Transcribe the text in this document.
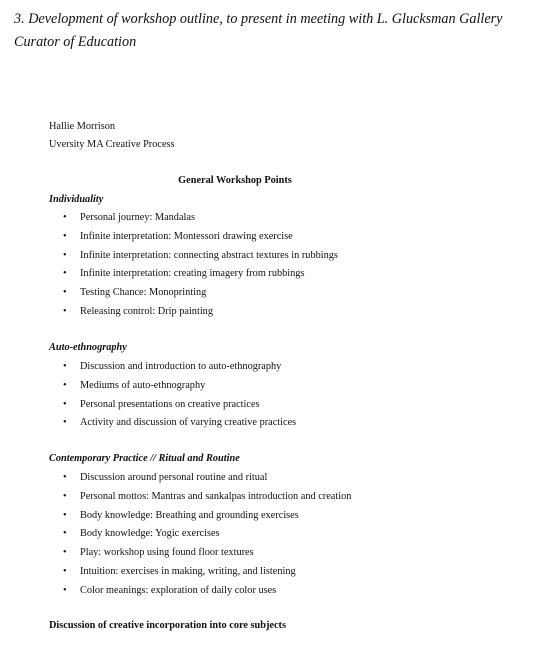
3. Development of workshop outline, to present in meeting with L. Glucksman Gallery Curator of Education

Hallie Morrison
Uversity MA Creative Process
General Workshop Points
Individuality
• Personal journey: Mandalas
• Infinite interpretation: Montessori drawing exercise
• Infinite interpretation: connecting abstract textures in rubbings
• Infinite interpretation: creating imagery from rubbings
• Testing Chance: Monoprinting
• Releasing control: Drip painting
Auto-ethnography
• Discussion and introduction to auto-ethnography
• Mediums of auto-ethnography
• Personal presentations on creative practices
• Activity and discussion of varying creative practices
Contemporary Practice // Ritual and Routine
• Discussion around personal routine and ritual
• Personal mottos: Mantras and sankalpas introduction and creation
• Body knowledge: Breathing and grounding exercises
• Body knowledge: Yogic exercises
• Play: workshop using found floor textures
• Intuition: exercises in making, writing, and listening
• Color meanings: exploration of daily color uses
Discussion of creative incorporation into core subjects
